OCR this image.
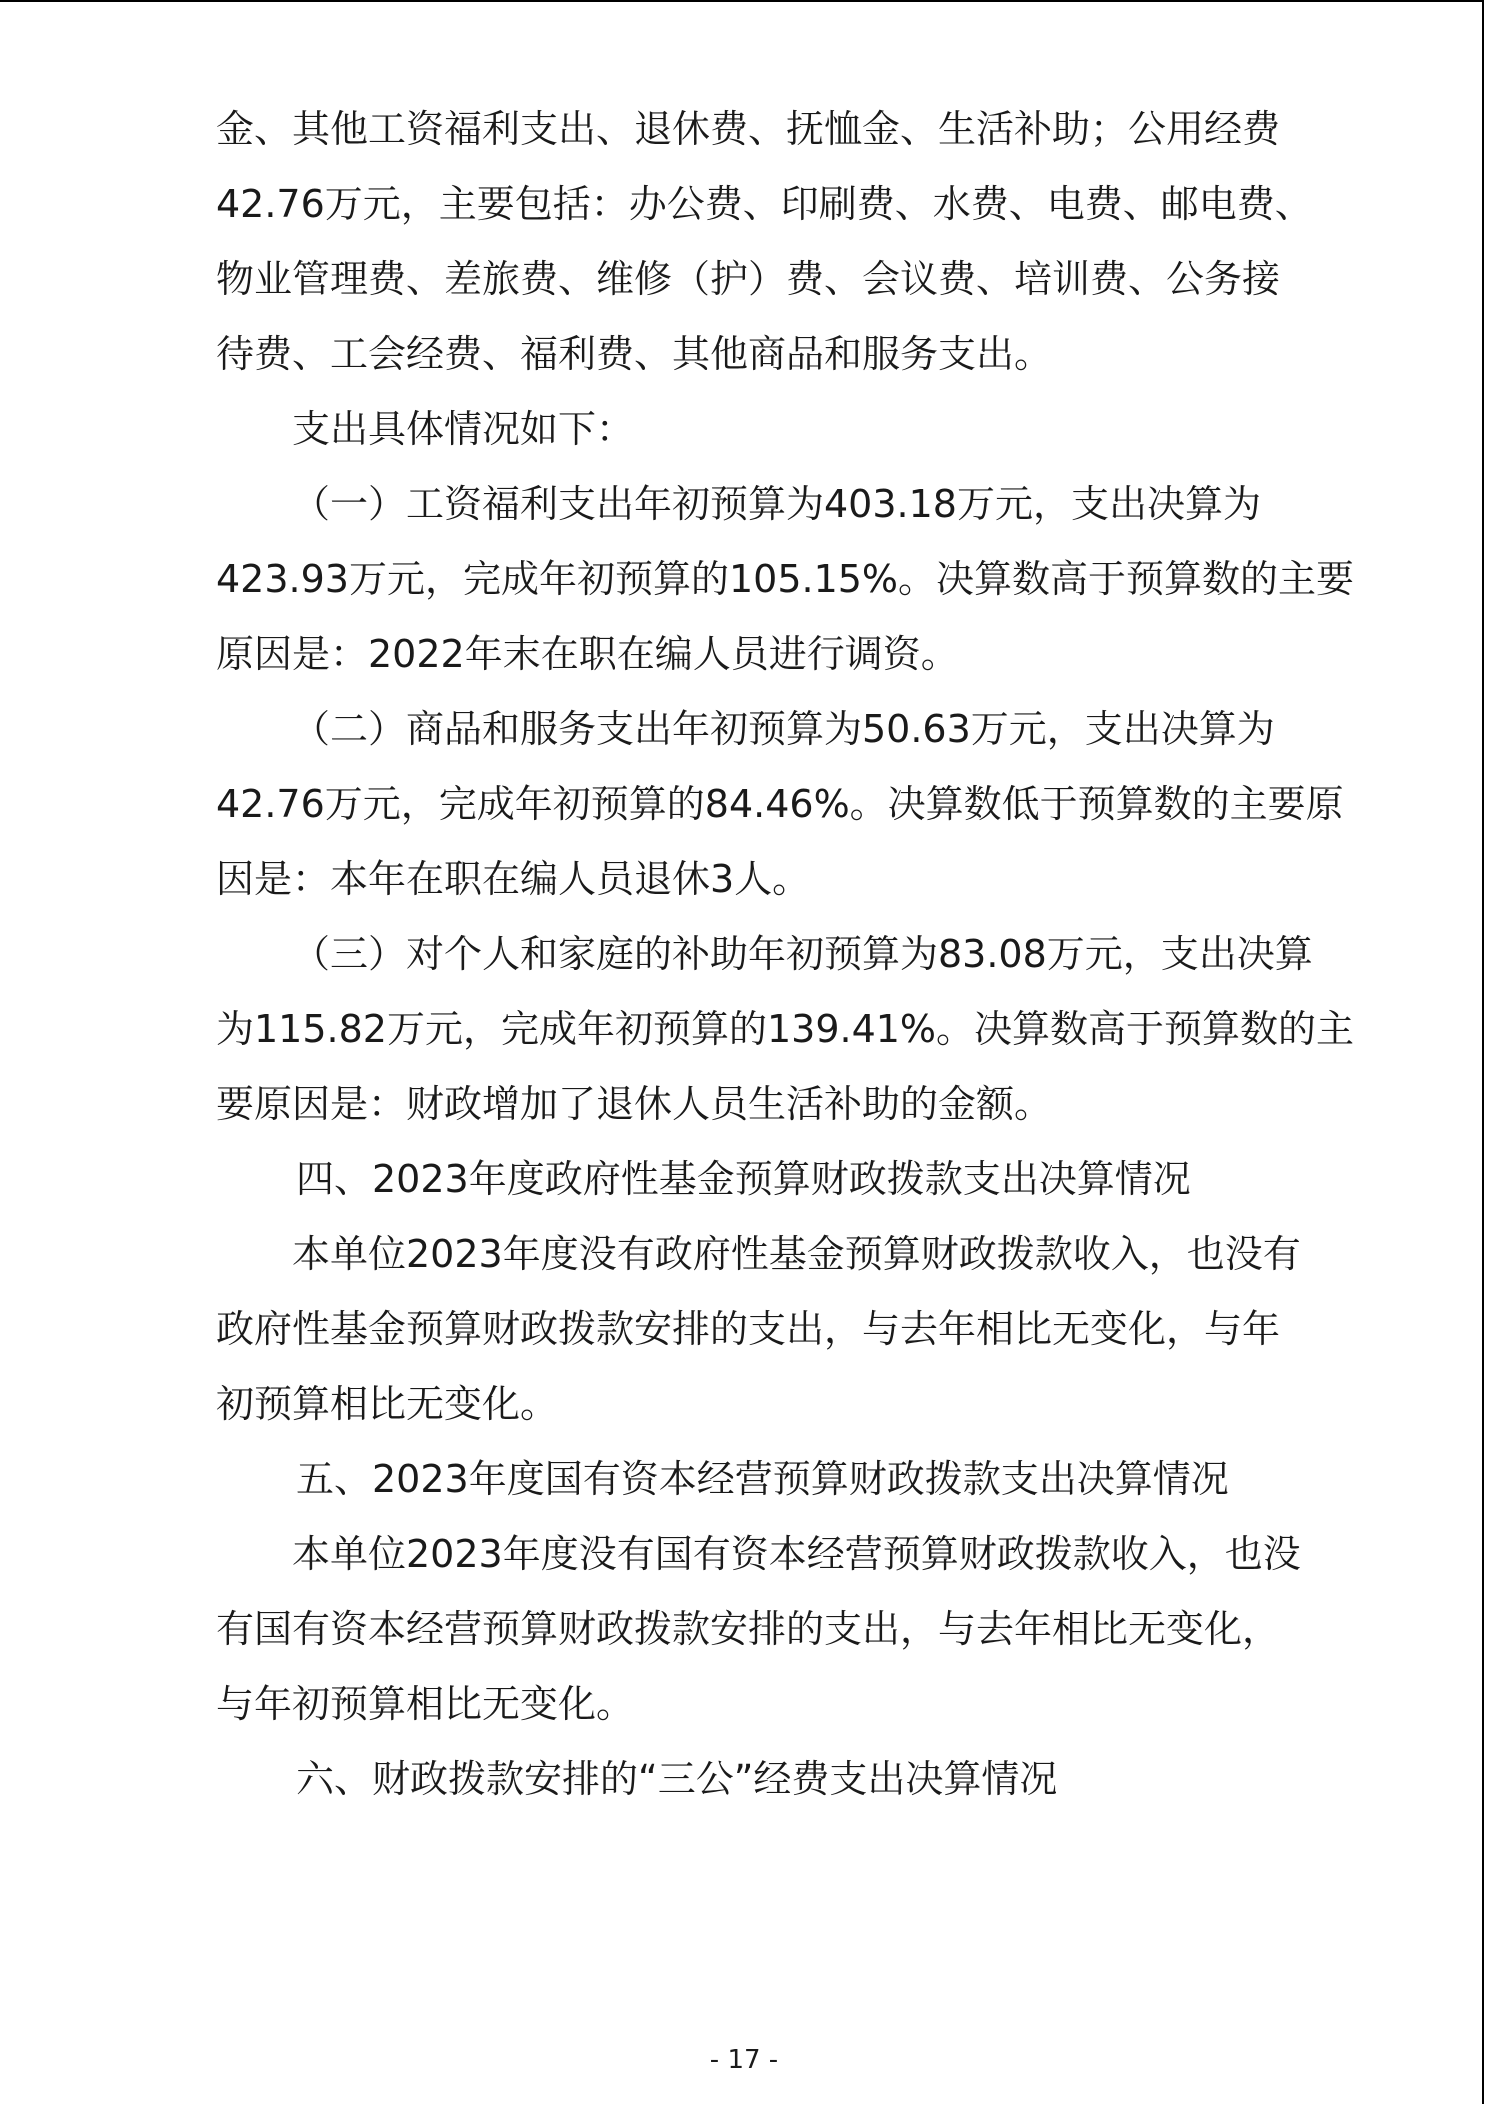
金、其他工资福利支出、退休费、抚恤金、生活补助；公用经费
42.76万元，主要包括：办公费、印刷费、水费、电费、邮电费、
物业管理费、差旅费、维修（护）费、会议费、培训费、公务接
待费、工会经费、福利费、其他商品和服务支出。
支出具体情况如下：
（一）工资福利支出年初预算为403.18万元，支出决算为
423.93万元，完成年初预算的105.15%。决算数高于预算数的主要
原因是：2022年末在职在编人员进行调资。
（二）商品和服务支出年初预算为50.63万元，支出决算为
42.76万元，完成年初预算的84.46%。决算数低于预算数的主要原
因是：本年在职在编人员退休3人。
（三）对个人和家庭的补助年初预算为83.08万元，支出决算
为115.82万元，完成年初预算的139.41%。决算数高于预算数的主
要原因是：财政增加了退休人员生活补助的金额。
四、2023年度政府性基金预算财政拨款支出决算情况
本单位2023年度没有政府性基金预算财政拨款收入，也没有
政府性基金预算财政拨款安排的支出，与去年相比无变化，与年
初预算相比无变化。
五、2023年度国有资本经营预算财政拨款支出决算情况
本单位2023年度没有国有资本经营预算财政拨款收入，也没
有国有资本经营预算财政拨款安排的支出，与去年相比无变化，
与年初预算相比无变化。
六、财政拨款安排的“三公”经费支出决算情况
- 17 -
